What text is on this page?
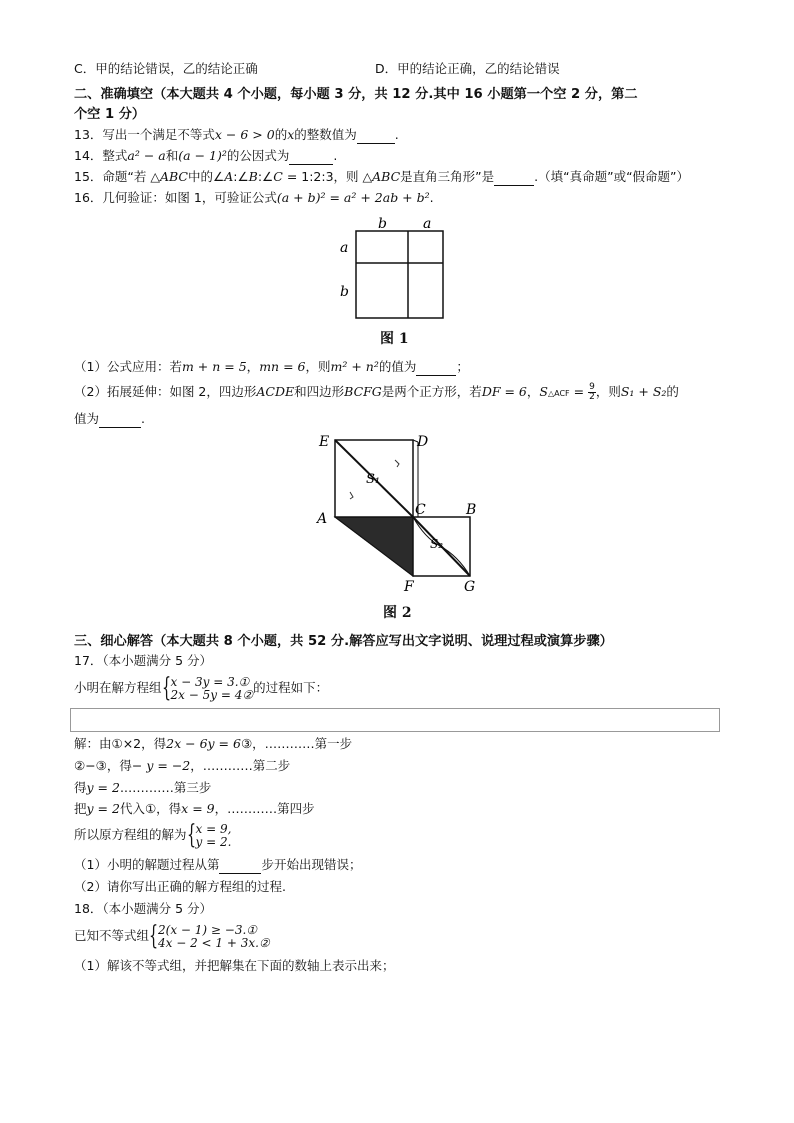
C．甲的结论错误，乙的结论正确	D．甲的结论正确，乙的结论错误
二、准确填空（本大题共 4 个小题，每小题 3 分，共 12 分.其中 16 小题第一个空 2 分，第二
个空 1 分）
13．写出一个满足不等式x − 6 > 0的x的整数值为	.
14．整式a² − a和(a − 1)²的公因式为	.
15．命题“若 △ABC中的∠A:∠B:∠C = 1:2:3，则 △ABC是直角三角形”是	.（填“真命题”或“假命题”）
16．几何验证：如图 1，可验证公式(a + b)² = a² + 2ab + b².
b	a
a
b
图 1
（1）公式应用：若m + n = 5，mn = 6，则m² + n²的值为	；
（2）拓展延伸：如图 2，四边形ACDE和四边形BCFG是两个正方形，若DF = 6，S△ACF = $\frac{9}{2}$ ，则S₁ + S₂的
值为	.
E	D
A
C	B
F	G
S₁
S₂
图 2
三、细心解答（本大题共 8 个小题，共 52 分.解答应写出文字说明、说理过程或演算步骤）
17．（本小题满分 5 分）
小明在解方程组 { x − 3y = 3.①
2x − 5y = 4② 的过程如下：
解：由①×2，得2x − 6y = 6③，…………第一步
②−③，得− y = −2，…………第二步
得y = 2.…………第三步
把y = 2代入①，得x = 9，…………第四步
所以原方程组的解为 { x = 9,
y = 2.
（1）小明的解题过程从第	步开始出现错误；
（2）请你写出正确的解方程组的过程.
18．（本小题满分 5 分）
已知不等式组 { 2(x − 1) ≥ −3.①
4x − 2 < 1 + 3x.②
（1）解该不等式组，并把解集在下面的数轴上表示出来；
